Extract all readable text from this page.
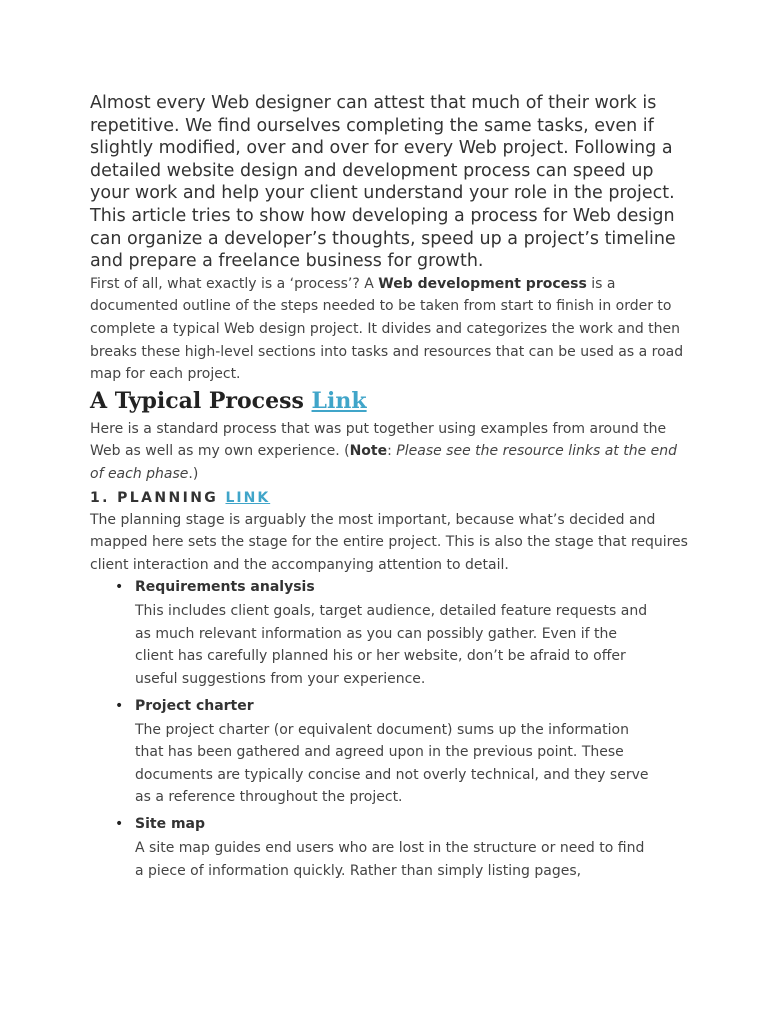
Almost every Web designer can attest that much of their work is repetitive. We find ourselves completing the same tasks, even if slightly modified, over and over for every Web project. Following a detailed website design and development process can speed up your work and help your client understand your role in the project. This article tries to show how developing a process for Web design can organize a developer’s thoughts, speed up a project’s timeline and prepare a freelance business for growth.

First of all, what exactly is a ‘process’? A Web development process is a documented outline of the steps needed to be taken from start to finish in order to complete a typical Web design project. It divides and categorizes the work and then breaks these high-level sections into tasks and resources that can be used as a road map for each project.

A Typical Process Link

Here is a standard process that was put together using examples from around the Web as well as my own experience. (Note: Please see the resource links at the end of each phase.)

1. PLANNING LINK

The planning stage is arguably the most important, because what’s decided and mapped here sets the stage for the entire project. This is also the stage that requires client interaction and the accompanying attention to detail.

• Requirements analysis
This includes client goals, target audience, detailed feature requests and as much relevant information as you can possibly gather. Even if the client has carefully planned his or her website, don’t be afraid to offer useful suggestions from your experience.
• Project charter
The project charter (or equivalent document) sums up the information that has been gathered and agreed upon in the previous point. These documents are typically concise and not overly technical, and they serve as a reference throughout the project.
• Site map
A site map guides end users who are lost in the structure or need to find a piece of information quickly. Rather than simply listing pages,
